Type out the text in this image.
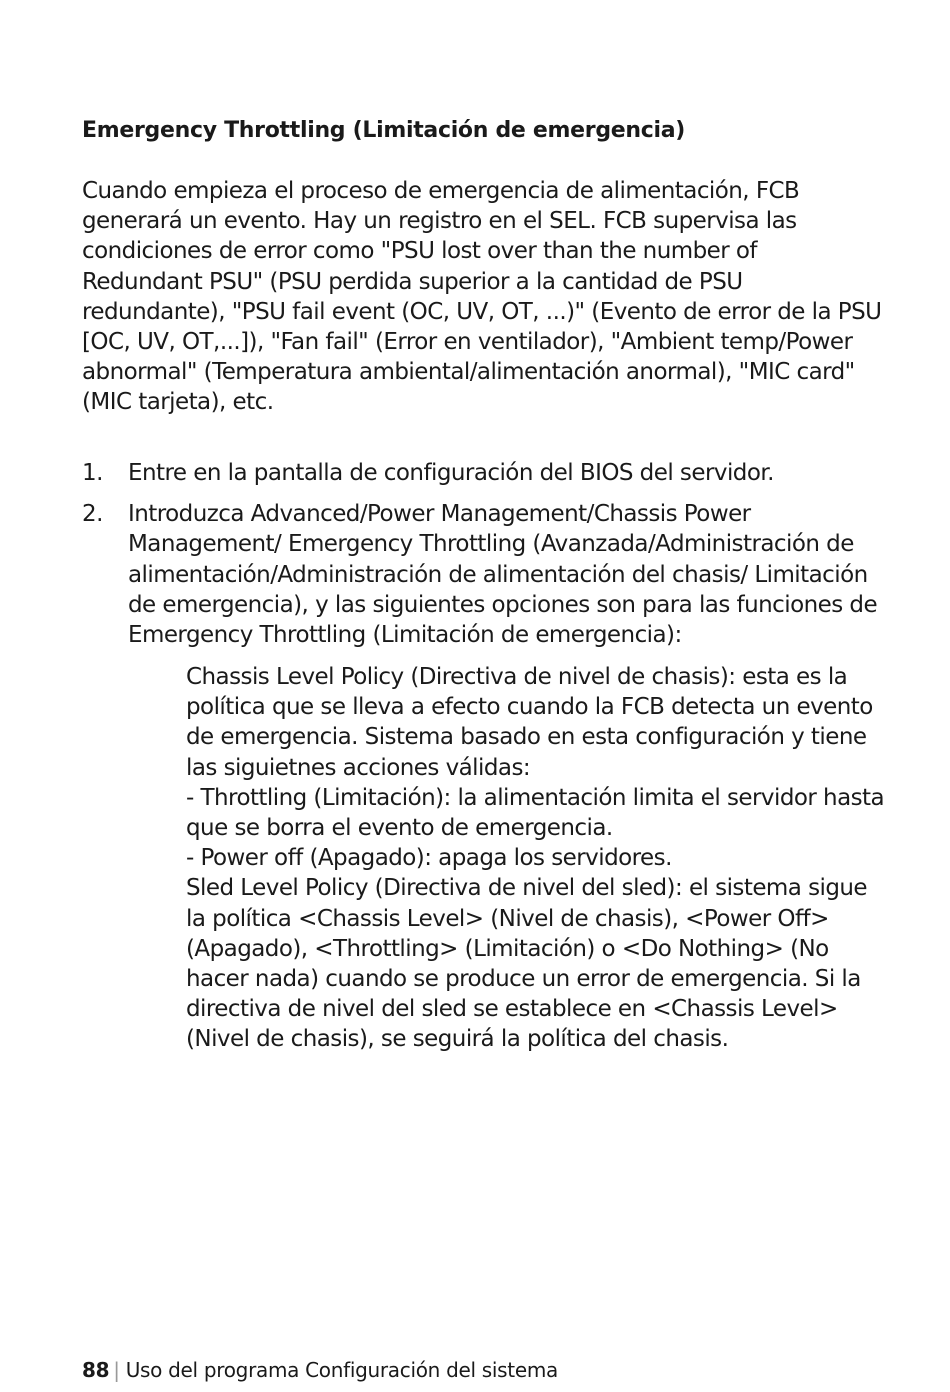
Emergency Throttling (Limitación de emergencia)

Cuando empieza el proceso de emergencia de alimentación, FCB generará un evento. Hay un registro en el SEL. FCB supervisa las condiciones de error como "PSU lost over than the number of Redundant PSU" (PSU perdida superior a la cantidad de PSU redundante), "PSU fail event (OC, UV, OT, ...)" (Evento de error de la PSU [OC, UV, OT,...]), "Fan fail" (Error en ventilador), "Ambient temp/Power abnormal" (Temperatura ambiental/alimentación anormal), "MIC card" (MIC tarjeta), etc.

1. Entre en la pantalla de configuración del BIOS del servidor.
2. Introduzca Advanced/Power Management/Chassis Power Management/ Emergency Throttling (Avanzada/Administración de alimentación/Administración de alimentación del chasis/ Limitación de emergencia), y las siguientes opciones son para las funciones de Emergency Throttling (Limitación de emergencia):

Chassis Level Policy (Directiva de nivel de chasis): esta es la política que se lleva a efecto cuando la FCB detecta un evento de emergencia. Sistema basado en esta configuración y tiene las siguietnes acciones válidas:

- Throttling (Limitación): la alimentación limita el servidor hasta que se borra el evento de emergencia.

- Power off (Apagado): apaga los servidores.

Sled Level Policy (Directiva de nivel del sled): el sistema sigue la política <Chassis Level> (Nivel de chasis), <Power Off> (Apagado), <Throttling> (Limitación) o <Do Nothing> (No hacer nada) cuando se produce un error de emergencia. Si la directiva de nivel del sled se establece en <Chassis Level> (Nivel de chasis), se seguirá la política del chasis.

88 | Uso del programa Configuración del sistema
